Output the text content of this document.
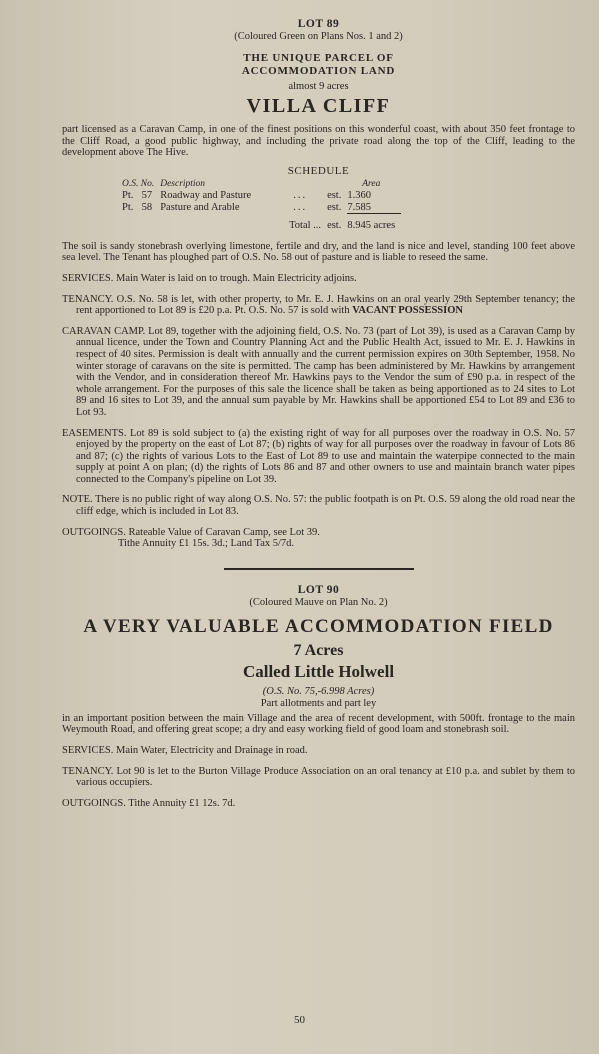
LOT 89
(Coloured Green on Plans Nos. 1 and 2)
THE UNIQUE PARCEL OF
ACCOMMODATION LAND
almost 9 acres
VILLA CLIFF

part licensed as a Caravan Camp, in one of the finest positions on this wonderful coast, with about 350 feet frontage to the Cliff Road, a good public highway, and including the private road along the top of the Cliff, leading to the development above The Hive.

SCHEDULE
O.S. No.		Description			Area
Pt.	57	Roadway and Pasture	...	est.	1.360
Pt.	58	Pasture and Arable	...	est.	7.585
		Total ...		est.	8.945 acres

The soil is sandy stonebrash overlying limestone, fertile and dry, and the land is nice and level, standing 100 feet above sea level. The Tenant has ploughed part of O.S. No. 58 out of pasture and is liable to reseed the same.

SERVICES. Main Water is laid on to trough. Main Electricity adjoins.

TENANCY. O.S. No. 58 is let, with other property, to Mr. E. J. Hawkins on an oral yearly 29th September tenancy; the rent apportioned to Lot 89 is £20 p.a. Pt. O.S. No. 57 is sold with VACANT POSSESSION

CARAVAN CAMP. Lot 89, together with the adjoining field, O.S. No. 73 (part of Lot 39), is used as a Caravan Camp by annual licence, under the Town and Country Planning Act and the Public Health Act, issued to Mr. E. J. Hawkins in respect of 40 sites. Permission is dealt with annually and the current permission expires on 30th September, 1958. No winter storage of caravans on the site is permitted. The camp has been administered by Mr. Hawkins by arrangement with the Vendor, and in consideration thereof Mr. Hawkins pays to the Vendor the sum of £90 p.a. in respect of the whole arrangement. For the purposes of this sale the licence shall be taken as being apportioned as to 24 sites to Lot 89 and 16 sites to Lot 39, and the annual sum payable by Mr. Hawkins shall be apportioned £54 to Lot 89 and £36 to Lot 93.

EASEMENTS. Lot 89 is sold subject to (a) the existing right of way for all purposes over the roadway in O.S. No. 57 enjoyed by the property on the east of Lot 87; (b) rights of way for all purposes over the roadway in favour of Lots 86 and 87; (c) the rights of various Lots to the East of Lot 89 to use and maintain the waterpipe connected to the main supply at point A on plan; (d) the rights of Lots 86 and 87 and other owners to use and maintain branch water pipes connected to the Company's pipeline on Lot 39.

NOTE. There is no public right of way along O.S. No. 57: the public footpath is on Pt. O.S. 59 along the old road near the cliff edge, which is included in Lot 83.

OUTGOINGS. Rateable Value of Caravan Camp, see Lot 39.

Tithe Annuity £1 15s. 3d.; Land Tax 5/7d.

LOT 90
(Coloured Mauve on Plan No. 2)
A VERY VALUABLE ACCOMMODATION FIELD
7 Acres
Called Little Holwell
(O.S. No. 75,-6.998 Acres)
Part allotments and part ley

in an important position between the main Village and the area of recent development, with 500ft. frontage to the main Weymouth Road, and offering great scope; a dry and easy working field of good loam and stonebrash soil.

SERVICES. Main Water, Electricity and Drainage in road.

TENANCY. Lot 90 is let to the Burton Village Produce Association on an oral tenancy at £10 p.a. and sublet by them to various occupiers.

OUTGOINGS. Tithe Annuity £1 12s. 7d.

50
